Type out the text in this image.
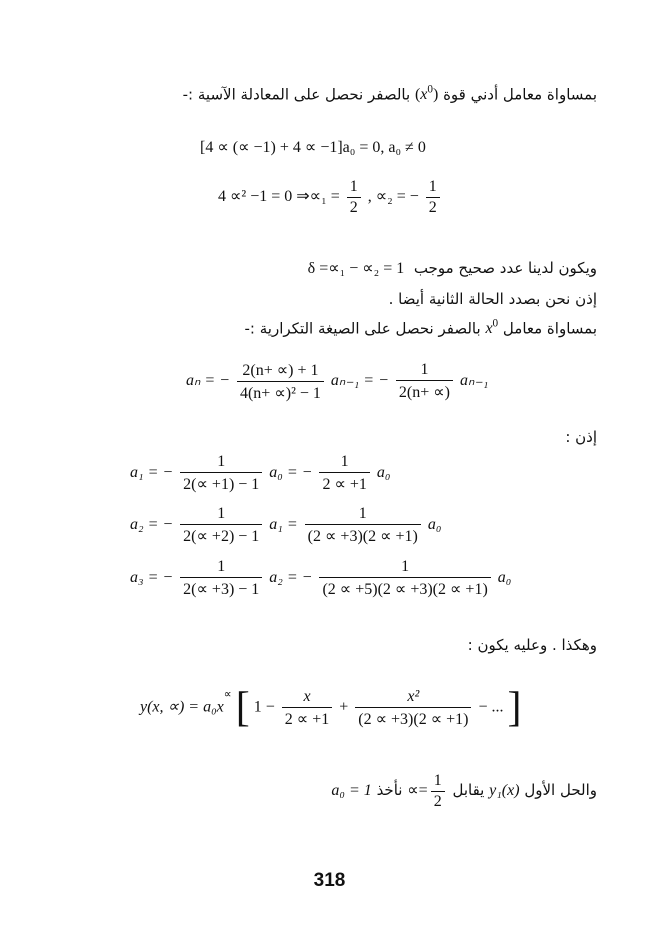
بمساواة معامل أدني قوة $(x^0)$ بالصفر نحصل على المعادلة الآسية :-
[4 ∝ (∝ −1) + 4 ∝ −1]a₀ = 0, a₀ ≠ 0
4 ∝² −1 = 0 ⇒∝₁ = $\frac{1}{2}$ , ∝₂ = − $\frac{1}{2}$
ويكون لدينا عدد صحيح موجب  δ =∝₁ − ∝₂ = 1
إذن نحن بصدد الحالة الثانية أيضا .
بمساواة معامل $x^0$ بالصفر نحصل على الصيغة التكرارية :-
aₙ = − $\frac{2(n+ \propto) + 1}{\text{4(n+ ∝)² − 1}} a_{n-1}$ = − $\frac{1}{2(n+ \propto)} a_{n-1}$
إذن :
a₁ = − $\frac{1}{2(\propto +1) - 1} a_0$ = − $\frac{1}{2 \propto +1} a_0$
a₂ = − $\frac{1}{2(\propto +2) - 1} a_1 = \frac{1}{(2 \propto +3)(2 \propto +1)} a_0$
a₃ = − $\frac{1}{2(\propto +3) - 1} a_2$ = − $\frac{1}{(2 \propto +5)(2 \propto +3)(2 \propto +1)} a_0$
وهكذا . وعليه يكون :
y(x, ∝) = a₀x∝ [ $1 - \frac{x}{2 \propto +1} + \frac{\text{x²}}{(2 \propto +3)(2 \propto +1)}$ − ... ]
والحل الأول y₁(x) يقابل ∝= $\frac{1}{2}$
نأخذ a₀ = 1
318
